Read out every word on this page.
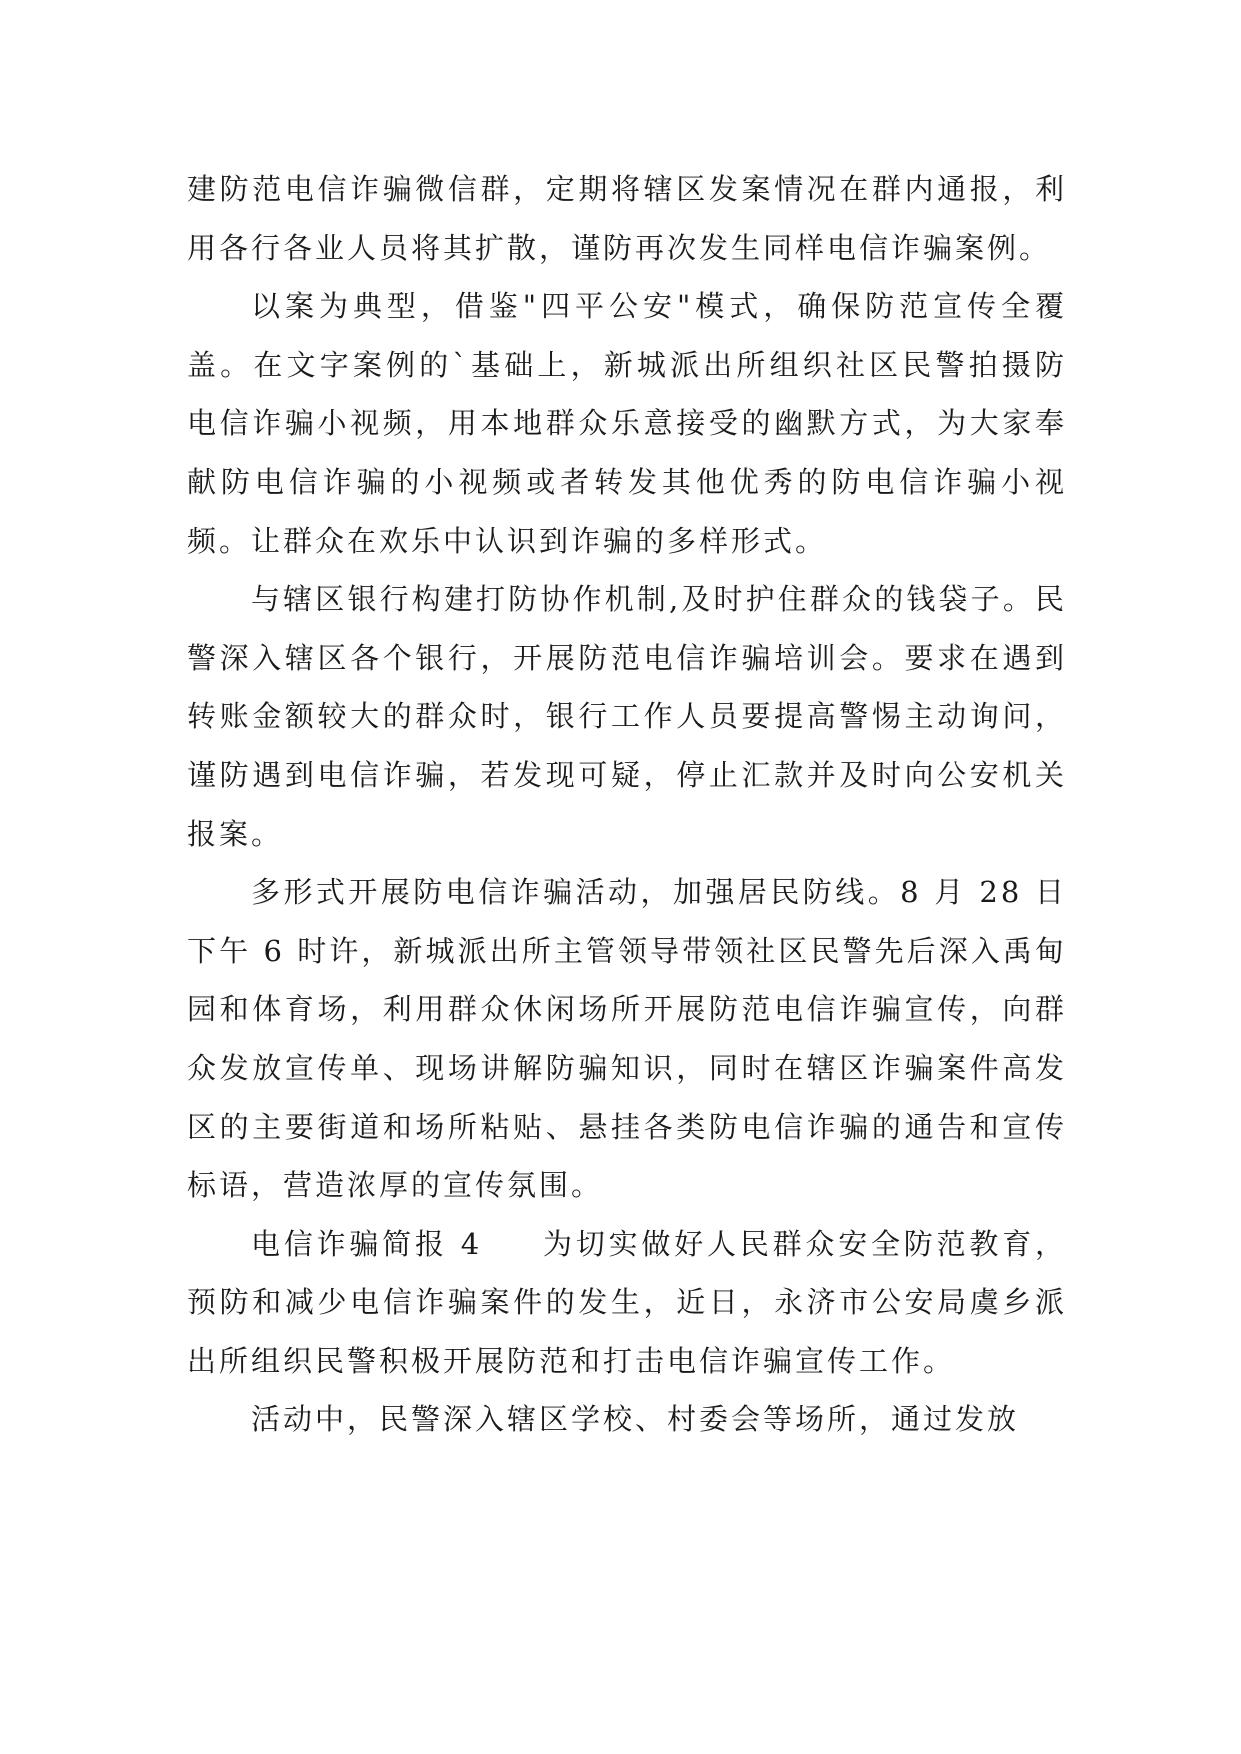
建防范电信诈骗微信群，定期将辖区发案情况在群内通报，利用各行各业人员将其扩散，谨防再次发生同样电信诈骗案例。

以案为典型，借鉴"四平公安"模式，确保防范宣传全覆盖。在文字案例的`基础上，新城派出所组织社区民警拍摄防电信诈骗小视频，用本地群众乐意接受的幽默方式，为大家奉献防电信诈骗的小视频或者转发其他优秀的防电信诈骗小视频。让群众在欢乐中认识到诈骗的多样形式。

与辖区银行构建打防协作机制,及时护住群众的钱袋子。民警深入辖区各个银行，开展防范电信诈骗培训会。要求在遇到转账金额较大的群众时，银行工作人员要提高警惕主动询问，谨防遇到电信诈骗，若发现可疑，停止汇款并及时向公安机关报案。

多形式开展防电信诈骗活动，加强居民防线。8 月 28 日下午 6 时许，新城派出所主管领导带领社区民警先后深入禹甸园和体育场，利用群众休闲场所开展防范电信诈骗宣传，向群众发放宣传单、现场讲解防骗知识，同时在辖区诈骗案件高发区的主要街道和场所粘贴、悬挂各类防电信诈骗的通告和宣传标语，营造浓厚的宣传氛围。

电信诈骗简报 4 为切实做好人民群众安全防范教育，预防和减少电信诈骗案件的发生，近日，永济市公安局虞乡派出所组织民警积极开展防范和打击电信诈骗宣传工作。

活动中，民警深入辖区学校、村委会等场所，通过发放
